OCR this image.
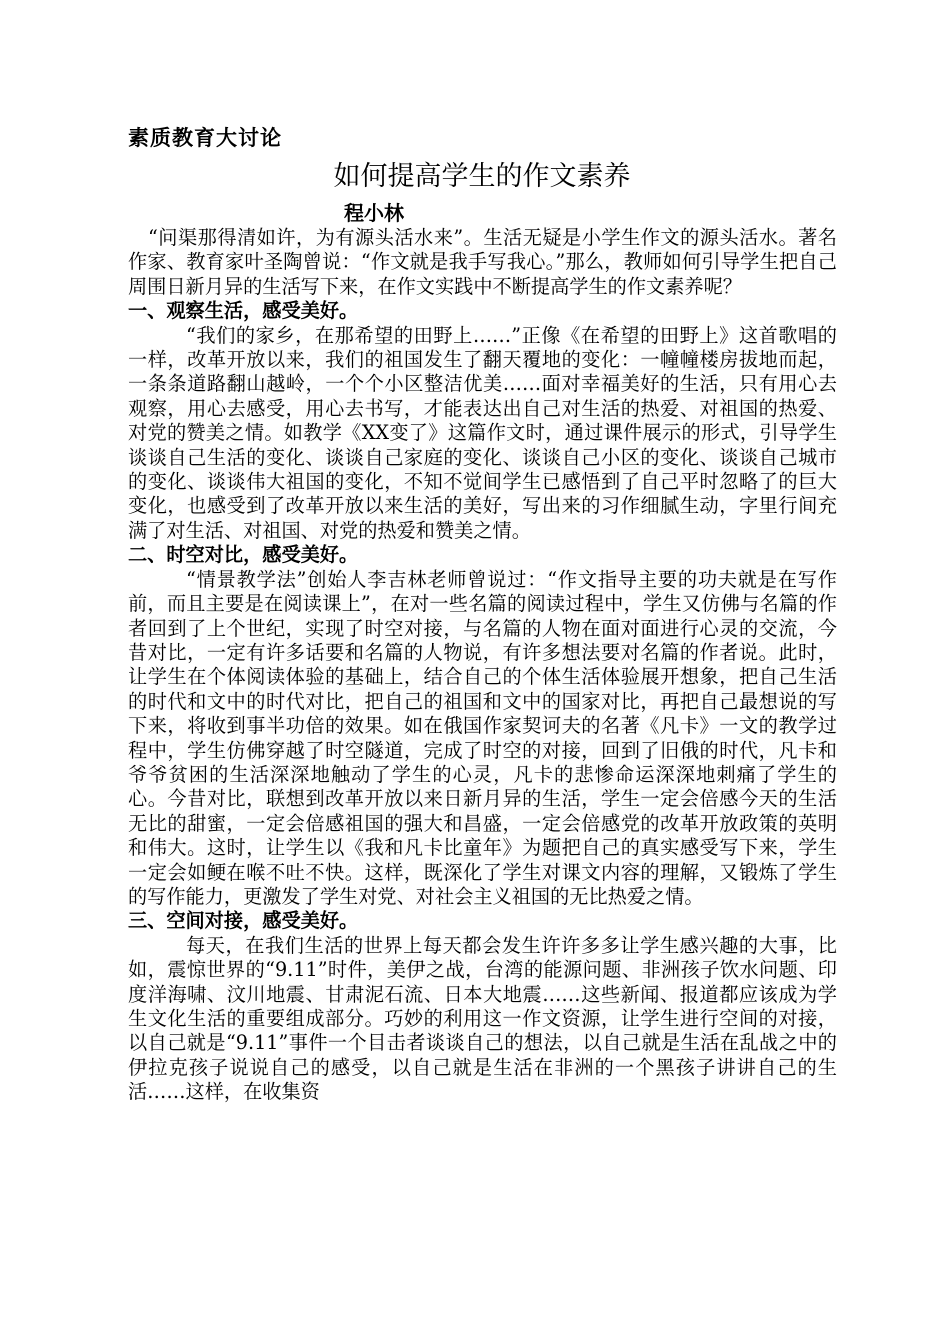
素质教育大讨论
如何提高学生的作文素养
程小林

“问渠那得清如许，为有源头活水来”。生活无疑是小学生作文的源头活水。著名作家、教育家叶圣陶曾说：“作文就是我手写我心。”那么，教师如何引导学生把自己周围日新月异的生活写下来，在作文实践中不断提高学生的作文素养呢？

一、观察生活，感受美好。

“我们的家乡，在那希望的田野上……”正像《在希望的田野上》这首歌唱的一样，改革开放以来，我们的祖国发生了翻天覆地的变化：一幢幢楼房拔地而起，一条条道路翻山越岭，一个个小区整洁优美……面对幸福美好的生活，只有用心去观察，用心去感受，用心去书写，才能表达出自己对生活的热爱、对祖国的热爱、对党的赞美之情。如教学《XX变了》这篇作文时，通过课件展示的形式，引导学生谈谈自己生活的变化、谈谈自己家庭的变化、谈谈自己小区的变化、谈谈自己城市的变化、谈谈伟大祖国的变化，不知不觉间学生已感悟到了自己平时忽略了的巨大变化，也感受到了改革开放以来生活的美好，写出来的习作细腻生动，字里行间充满了对生活、对祖国、对党的热爱和赞美之情。

二、时空对比，感受美好。

“情景教学法”创始人李吉林老师曾说过：“作文指导主要的功夫就是在写作前，而且主要是在阅读课上”，在对一些名篇的阅读过程中，学生又仿佛与名篇的作者回到了上个世纪，实现了时空对接，与名篇的人物在面对面进行心灵的交流，今昔对比，一定有许多话要和名篇的人物说，有许多想法要对名篇的作者说。此时，让学生在个体阅读体验的基础上，结合自己的个体生活体验展开想象，把自己生活的时代和文中的时代对比，把自己的祖国和文中的国家对比，再把自己最想说的写下来，将收到事半功倍的效果。如在俄国作家契诃夫的名著《凡卡》一文的教学过程中，学生仿佛穿越了时空隧道，完成了时空的对接，回到了旧俄的时代，凡卡和爷爷贫困的生活深深地触动了学生的心灵，凡卡的悲惨命运深深地刺痛了学生的心。今昔对比，联想到改革开放以来日新月异的生活，学生一定会倍感今天的生活无比的甜蜜，一定会倍感祖国的强大和昌盛，一定会倍感党的改革开放政策的英明和伟大。这时，让学生以《我和凡卡比童年》为题把自己的真实感受写下来，学生一定会如鲠在喉不吐不快。这样，既深化了学生对课文内容的理解，又锻炼了学生的写作能力，更激发了学生对党、对社会主义祖国的无比热爱之情。

三、空间对接，感受美好。

每天，在我们生活的世界上每天都会发生许许多多让学生感兴趣的大事，比如，震惊世界的“9.11”时件，美伊之战，台湾的能源问题、非洲孩子饮水问题、印度洋海啸、汶川地震、甘肃泥石流、日本大地震……这些新闻、报道都应该成为学生文化生活的重要组成部分。巧妙的利用这一作文资源，让学生进行空间的对接，以自己就是“9.11”事件一个目击者谈谈自己的想法，以自己就是生活在乱战之中的伊拉克孩子说说自己的感受，以自己就是生活在非洲的一个黑孩子讲讲自己的生活……这样，在收集资
